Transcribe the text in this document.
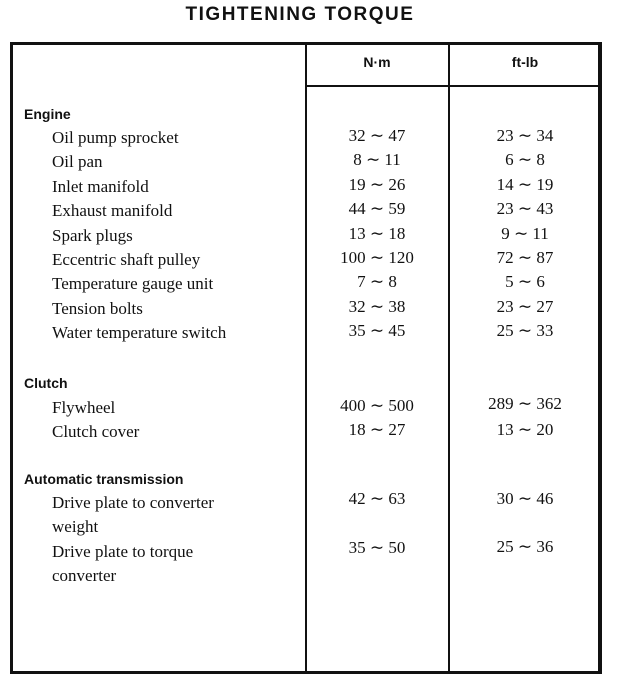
TIGHTENING TORQUE
N·m	ft-lb
Engine
Oil pump sprocket	32 ∼ 47	23 ∼ 34
Oil pan	8 ∼ 11	6 ∼ 8
Inlet manifold	19 ∼ 26	14 ∼ 19
Exhaust manifold	44 ∼ 59	23 ∼ 43
Spark plugs	13 ∼ 18	9 ∼ 11
Eccentric shaft pulley	100 ∼ 120	72 ∼ 87
Temperature gauge unit	7 ∼ 8	5 ∼ 6
Tension bolts	32 ∼ 38	23 ∼ 27
Water temperature switch	35 ∼ 45	25 ∼ 33
Clutch
Flywheel	400 ∼ 500	289 ∼ 362
Clutch cover	18 ∼ 27	13 ∼ 20
Automatic transmission
Drive plate to converter
weight
42 ∼ 63	30 ∼ 46
Drive plate to torque
converter
35 ∼ 50	25 ∼ 36
